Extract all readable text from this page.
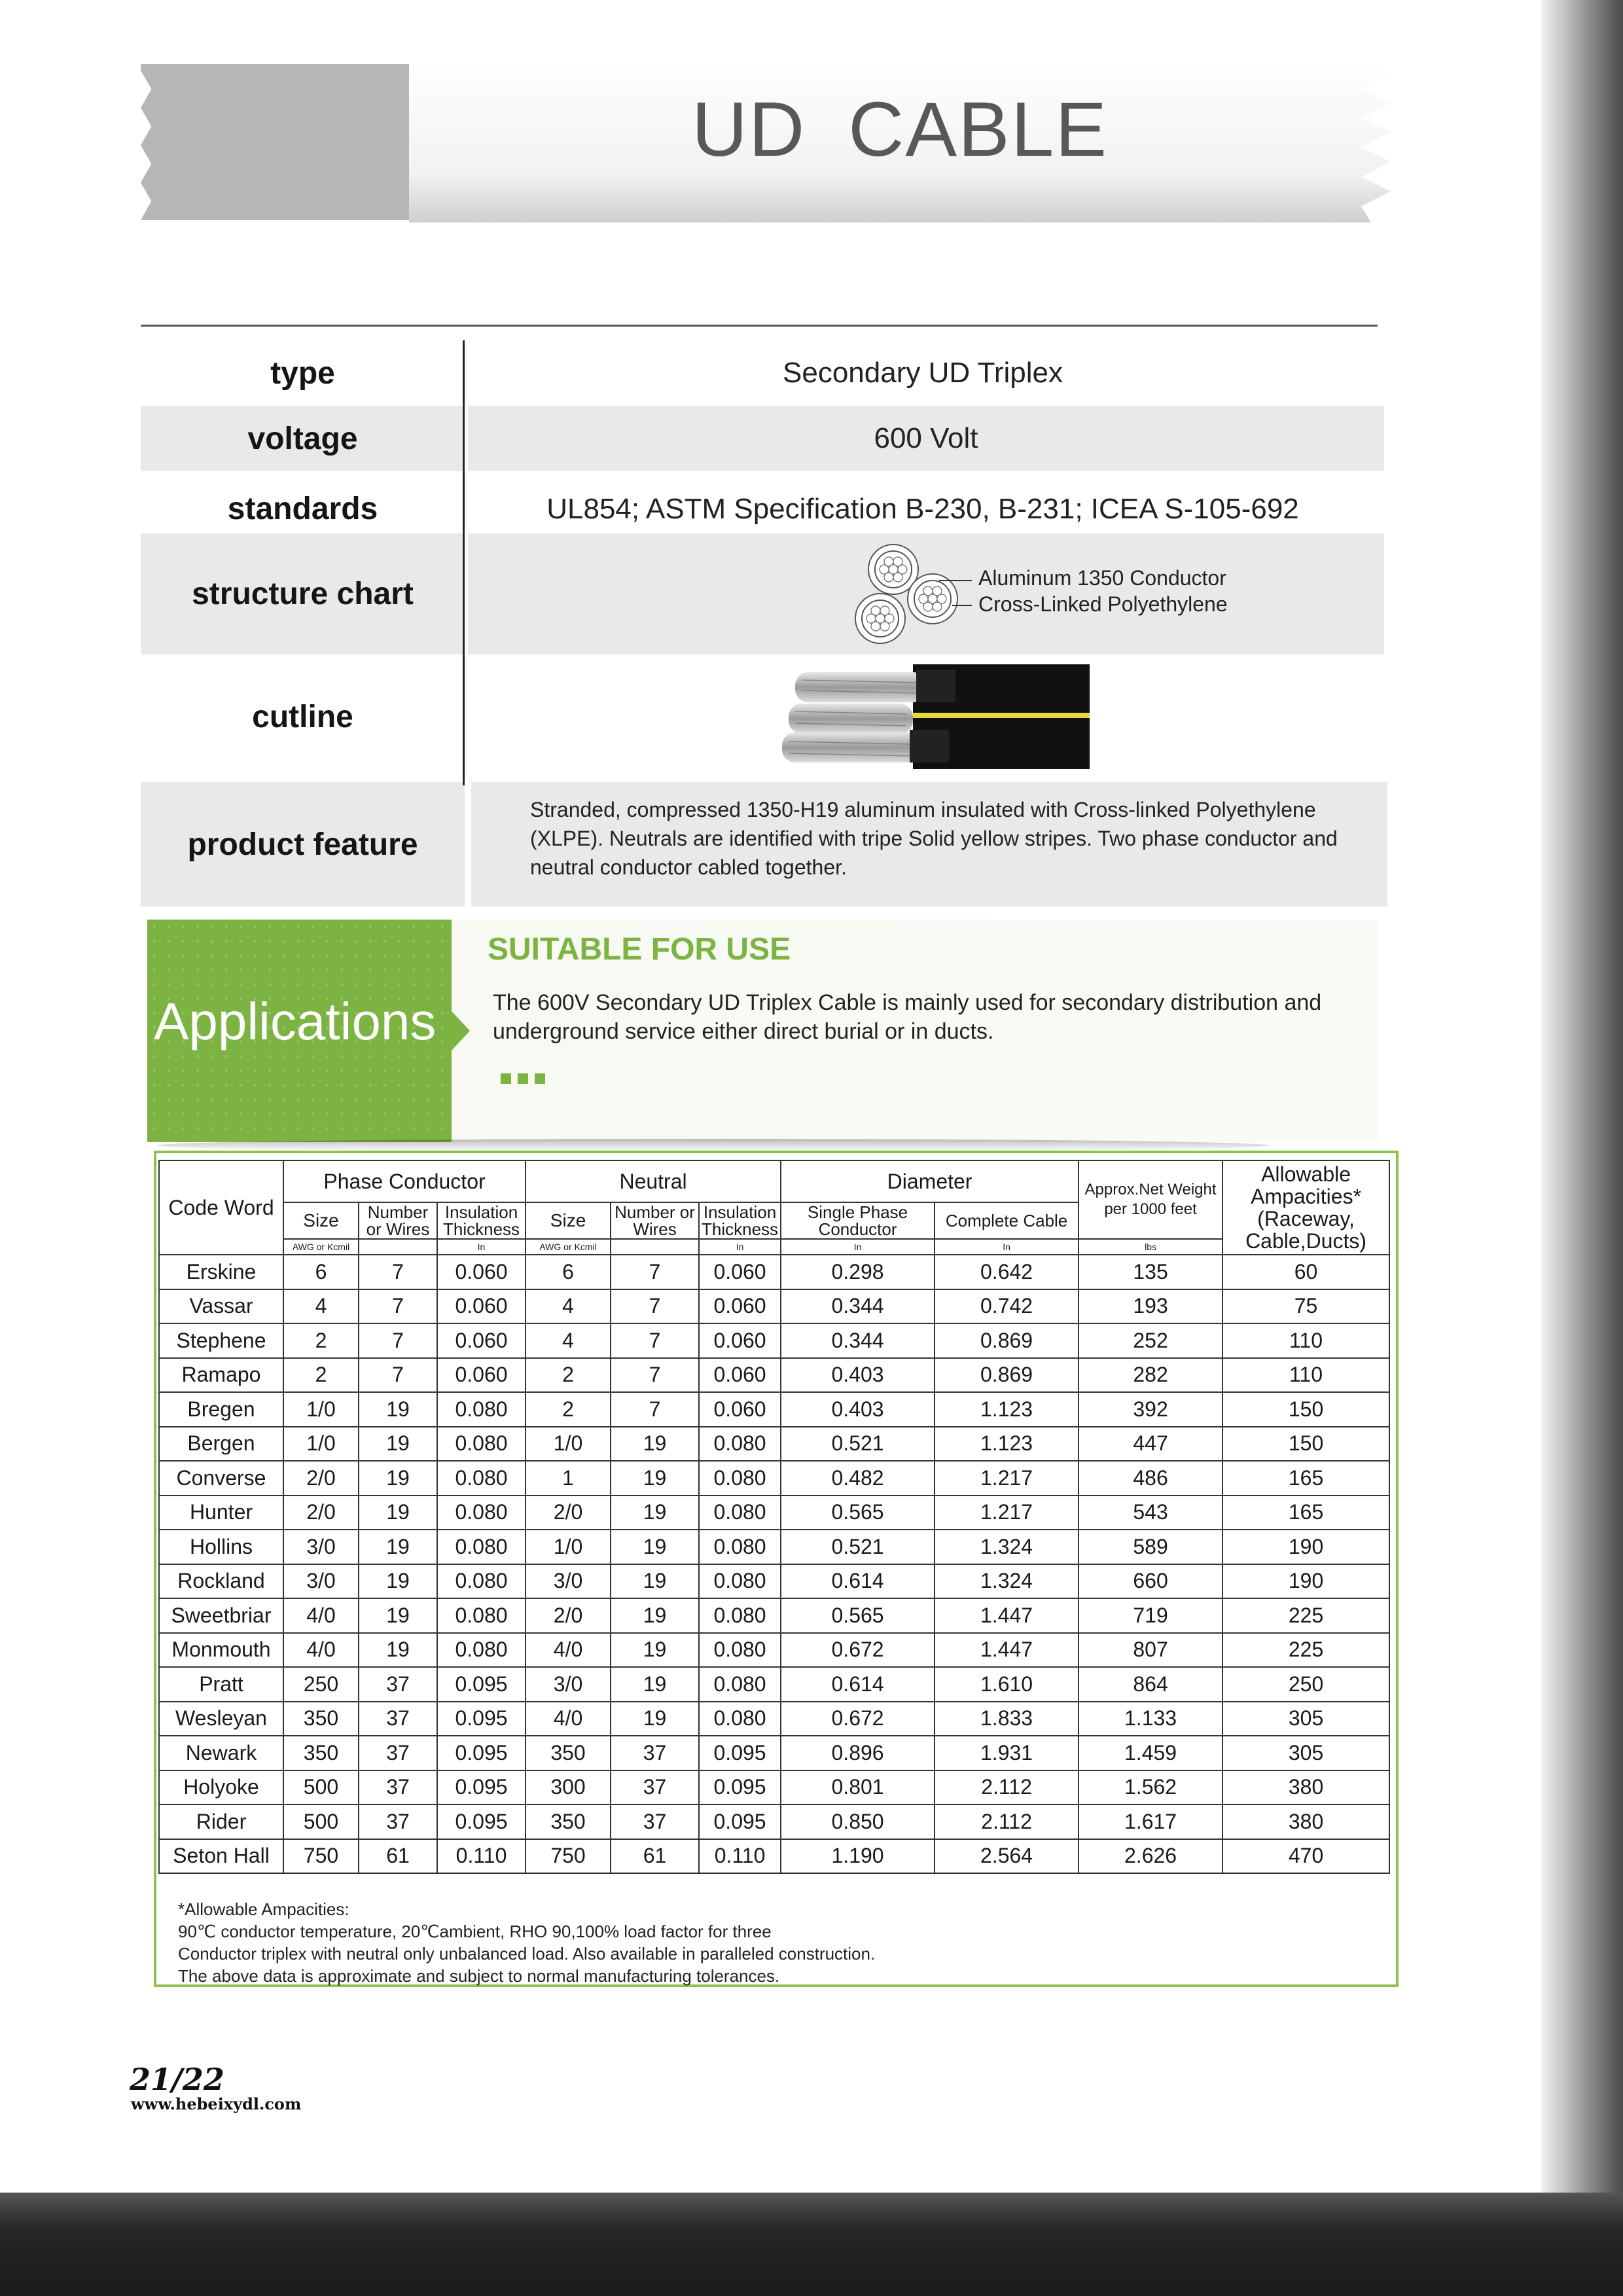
UD CABLE
type	Secondary UD Triplex
voltage	600 Volt
standards	UL854; ASTM Specification B-230, B-231; ICEA S-105-692
structure chart	Aluminum 1350 Conductor
Cross-Linked Polyethylene
cutline
product feature
Stranded, compressed 1350-H19 aluminum insulated with Cross-linked Polyethylene (XLPE). Neutrals are identified with tripe Solid yellow stripes. Two phase conductor and neutral conductor cabled together.
Applications
SUITABLE FOR USE
The 600V Secondary UD Triplex Cable is mainly used for secondary distribution and underground service either direct burial or in ducts.
Code Word	Phase Conductor			Neutral			Diameter		Approx.Net Weight per 1000 feet	Allowable Ampacities* (Raceway, Cable,Ducts)
	Size	Number or Wires	Insulation Thickness	Size	Number or Wires	Insulation Thickness	Single Phase Conductor	Complete Cable		
	AWG or Kcmil		In	AWG or Kcmil		In	In	In	lbs	
Erskine	6	7	0.060	6	7	0.060	0.298	0.642	135	60
Vassar	4	7	0.060	4	7	0.060	0.344	0.742	193	75
Stephene	2	7	0.060	4	7	0.060	0.344	0.869	252	110
Ramapo	2	7	0.060	2	7	0.060	0.403	0.869	282	110
Bregen	1/0	19	0.080	2	7	0.060	0.403	1.123	392	150
Bergen	1/0	19	0.080	1/0	19	0.080	0.521	1.123	447	150
Converse	2/0	19	0.080	1	19	0.080	0.482	1.217	486	165
Hunter	2/0	19	0.080	2/0	19	0.080	0.565	1.217	543	165
Hollins	3/0	19	0.080	1/0	19	0.080	0.521	1.324	589	190
Rockland	3/0	19	0.080	3/0	19	0.080	0.614	1.324	660	190
Sweetbriar	4/0	19	0.080	2/0	19	0.080	0.565	1.447	719	225
Monmouth	4/0	19	0.080	4/0	19	0.080	0.672	1.447	807	225
Pratt	250	37	0.095	3/0	19	0.080	0.614	1.610	864	250
Wesleyan	350	37	0.095	4/0	19	0.080	0.672	1.833	1.133	305
Newark	350	37	0.095	350	37	0.095	0.896	1.931	1.459	305
Holyoke	500	37	0.095	300	37	0.095	0.801	2.112	1.562	380
Rider	500	37	0.095	350	37	0.095	0.850	2.112	1.617	380
Seton Hall	750	61	0.110	750	61	0.110	1.190	2.564	2.626	470
*Allowable Ampacities:
90℃ conductor temperature, 20℃ambient, RHO 90,100% load factor for three
Conductor triplex with neutral only unbalanced load. Also available in paralleled construction.
The above data is approximate and subject to normal manufacturing tolerances.
21/22
www.hebeixydl.com
